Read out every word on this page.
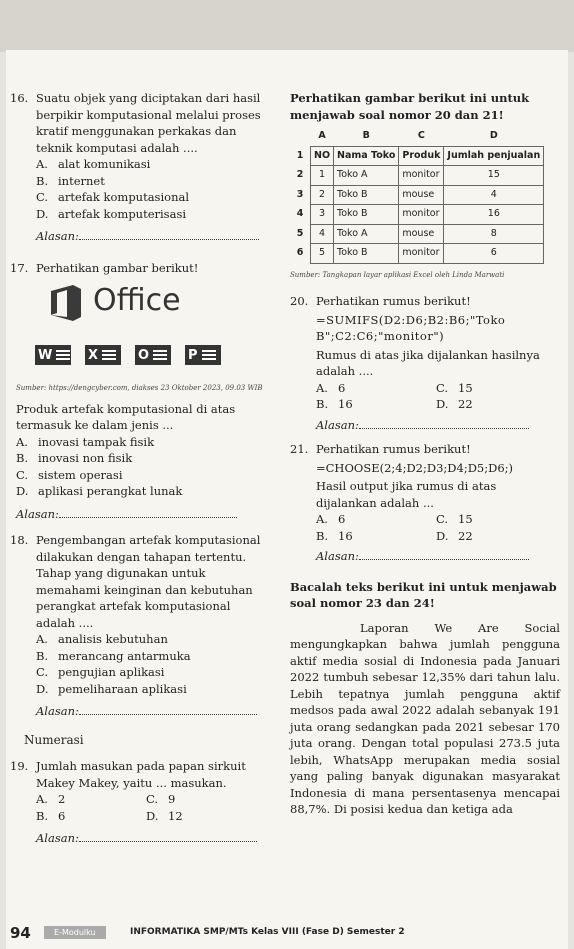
16. Suatu objek yang diciptakan dari hasil berpikir komputasional melalui proses kratif menggunakan perkakas dan teknik komputasi adalah ....
A. alat komunikasi
B. internet
C. artefak komputasional
D. artefak komputerisasi
Alasan:
17. Perhatikan gambar berikut!
Office
W	X	O	P
Sumber: https://dengcyber.com, diakses 23 Oktober 2023, 09.03 WIB
Produk artefak komputasional di atas termasuk ke dalam jenis ...
A. inovasi tampak fisik
B. inovasi non fisik
C. sistem operasi
D. aplikasi perangkat lunak
Alasan:
18. Pengembangan artefak komputasional dilakukan dengan tahapan tertentu. Tahap yang digunakan untuk memahami keinginan dan kebutuhan perangkat artefak komputasional adalah ....
A. analisis kebutuhan
B. merancang antarmuka
C. pengujian aplikasi
D. pemeliharaan aplikasi
Alasan:
Numerasi
19. Jumlah masukan pada papan sirkuit Makey Makey, yaitu ... masukan.
A. 2	C. 9
B. 6	D. 12
Alasan:
Perhatikan gambar berikut ini untuk menjawab soal nomor 20 dan 21!
	A	B	C	D
1	NO	Nama Toko	Produk	Jumlah penjualan
2	1	Toko A	monitor	15
3	2	Toko B	mouse	4
4	3	Toko B	monitor	16
5	4	Toko A	mouse	8
6	5	Toko B	monitor	6
Sumber: Tangkapan layar aplikasi Excel oleh Linda Marwati
20. Perhatikan rumus berikut!
=SUMIFS(D2:D6;B2:B6;"Toko B";C2:C6;"monitor")
Rumus di atas jika dijalankan hasilnya adalah ....
A. 6	C. 15
B. 16	D. 22
Alasan:
21. Perhatikan rumus berikut!
=CHOOSE(2;4;D2;D3;D4;D5;D6;)
Hasil output jika rumus di atas dijalankan adalah ...
A. 6	C. 15
B. 16	D. 22
Alasan:
Bacalah teks berikut ini untuk menjawab soal nomor 23 dan 24!
Laporan We Are Social mengungkapkan bahwa jumlah pengguna aktif media sosial di Indonesia pada Januari 2022 tumbuh sebesar 12,35% dari tahun lalu. Lebih tepatnya jumlah pengguna aktif medsos pada awal 2022 adalah sebanyak 191 juta orang sedangkan pada 2021 sebesar 170 juta orang. Dengan total populasi 273.5 juta lebih, WhatsApp merupakan media sosial yang paling banyak digunakan masyarakat Indonesia di mana persentasenya mencapai 88,7%. Di posisi kedua dan ketiga ada
94	E-Modulku	INFORMATIKA SMP/MTs Kelas VIII (Fase D) Semester 2
